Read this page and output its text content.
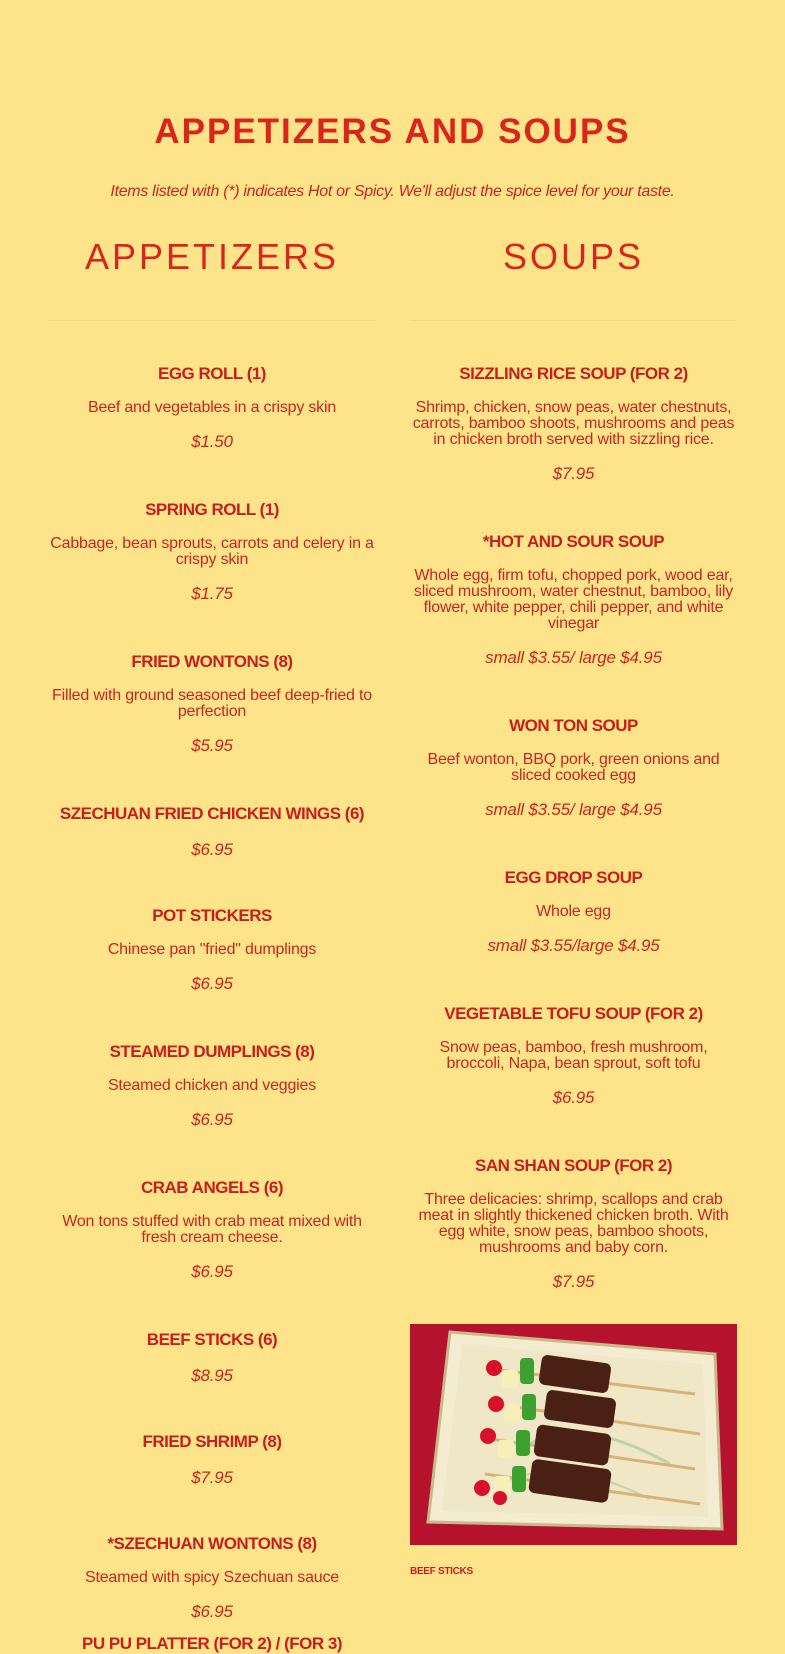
APPETIZERS AND SOUPS
Items listed with (*) indicates Hot or Spicy. We'll adjust the spice level for your taste.
APPETIZERS	SOUPS
EGG ROLL (1)
Beef and vegetables in a crispy skin
$1.50
SPRING ROLL (1)
Cabbage, bean sprouts, carrots and celery in a crispy skin
$1.75
FRIED WONTONS (8)
Filled with ground seasoned beef deep-fried to perfection
$5.95
SZECHUAN FRIED CHICKEN WINGS (6)
$6.95
POT STICKERS
Chinese pan "fried" dumplings
$6.95
STEAMED DUMPLINGS (8)
Steamed chicken and veggies
$6.95
CRAB ANGELS (6)
Won tons stuffed with crab meat mixed with fresh cream cheese.
$6.95
BEEF STICKS (6)
$8.95
FRIED SHRIMP (8)
$7.95
*SZECHUAN WONTONS (8)
Steamed with spicy Szechuan sauce
$6.95
PU PU PLATTER (FOR 2) / (FOR 3)
SIZZLING RICE SOUP (FOR 2)
Shrimp, chicken, snow peas, water chestnuts, carrots, bamboo shoots, mushrooms and peas in chicken broth served with sizzling rice.
$7.95
*HOT AND SOUR SOUP
Whole egg, firm tofu, chopped pork, wood ear, sliced mushroom, water chestnut, bamboo, lily flower, white pepper, chili pepper, and white vinegar
small $3.55/ large $4.95
WON TON SOUP
Beef wonton, BBQ pork, green onions and sliced cooked egg
small $3.55/ large $4.95
EGG DROP SOUP
Whole egg
small $3.55/large $4.95
VEGETABLE TOFU SOUP (FOR 2)
Snow peas, bamboo, fresh mushroom, broccoli, Napa, bean sprout, soft tofu
$6.95
SAN SHAN SOUP (FOR 2)
Three delicacies: shrimp, scallops and crab meat in slightly thickened chicken broth. With egg white, snow peas, bamboo shoots, mushrooms and baby corn.
$7.95
BEEF STICKS
